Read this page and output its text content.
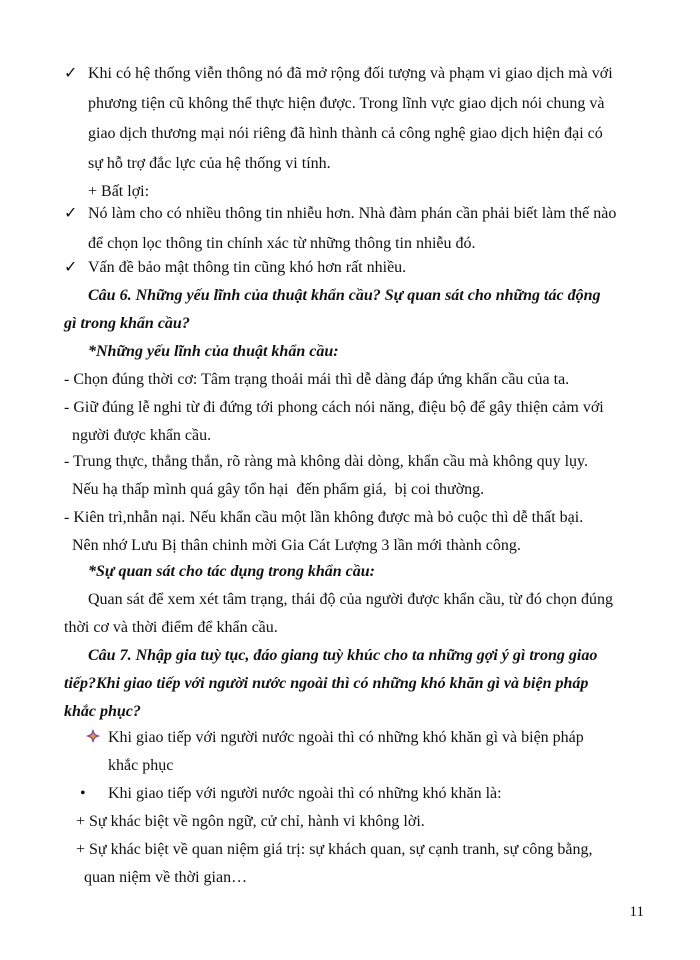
✓ Khi có hệ thống viễn thông nó đã mở rộng đối tượng và phạm vi giao dịch mà với
phương tiện cũ không thể thực hiện được. Trong lĩnh vực giao dịch nói chung và
giao dịch thương mại nói riêng đã hình thành cả công nghệ giao dịch hiện đại có
sự hỗ trợ đắc lực của hệ thống vi tính.
+ Bất lợi:
✓ Nó làm cho có nhiều thông tin nhiễu hơn. Nhà đàm phán cần phải biết làm thế nào
để chọn lọc thông tin chính xác từ những thông tin nhiễu đó.
✓ Vấn đề bảo mật thông tin cũng khó hơn rất nhiều.
Câu 6. Những yếu lĩnh của thuật khẩn cầu? Sự quan sát cho những tác động
gì trong khẩn cầu?
*Những yếu lĩnh của thuật khẩn cầu:
- Chọn đúng thời cơ: Tâm trạng thoải mái thì dễ dàng đáp ứng khẩn cầu của ta.
- Giữ đúng lễ nghi từ đi đứng tới phong cách nói năng, điệu bộ để gây thiện cảm với
người được khẩn cầu.
- Trung thực, thẳng thắn, rõ ràng mà không dài dòng, khẩn cầu mà không quy lụy.
Nếu hạ thấp mình quá gây tổn hại  đến phẩm giá,  bị coi thường.
- Kiên trì,nhẫn nại. Nếu khẩn cầu một lần không được mà bỏ cuộc thì dễ thất bại.
Nên nhớ Lưu Bị thân chinh mời Gia Cát Lượng 3 lần mới thành công.
*Sự quan sát cho tác dụng trong khẩn cầu:
Quan sát để xem xét tâm trạng, thái độ của người được khẩn cầu, từ đó chọn đúng
thời cơ và thời điểm để khẩn cầu.
Câu 7. Nhập gia tuỳ tục, đáo giang tuỳ khúc cho ta những gợi ý gì trong giao
tiếp?Khi giao tiếp với người nước ngoài thì có những khó khăn gì và biện pháp
khắc phục?
Khi giao tiếp với người nước ngoài thì có những khó khăn gì và biện pháp
khắc phục
• Khi giao tiếp với người nước ngoài thì có những khó khăn là:
+ Sự khác biệt về ngôn ngữ, cử chỉ, hành vi không lời.
+ Sự khác biệt về quan niệm giá trị: sự khách quan, sự cạnh tranh, sự công bằng,
quan niệm về thời gian…
11
